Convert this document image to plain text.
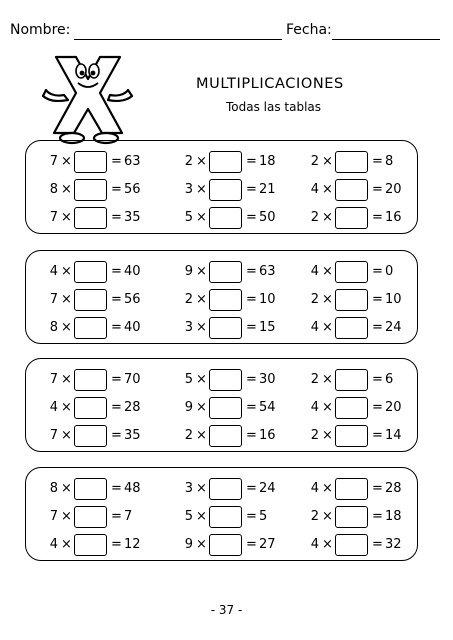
Nombre:	Fecha:
MULTIPLICACIONES
Todas las tablas
7 ×	= 63	2 ×	= 18	2 ×	= 8
8 ×	= 56	3 ×	= 21	4 ×	= 20
7 ×	= 35	5 ×	= 50	2 ×	= 16
4 ×	= 40	9 ×	= 63	4 ×	= 0
7 ×	= 56	2 ×	= 10	2 ×	= 10
8 ×	= 40	3 ×	= 15	4 ×	= 24
7 ×	= 70	5 ×	= 30	2 ×	= 6
4 ×	= 28	9 ×	= 54	4 ×	= 20
7 ×	= 35	2 ×	= 16	2 ×	= 14
8 ×	= 48	3 ×	= 24	4 ×	= 28
7 ×	= 7	5 ×	= 5	2 ×	= 18
4 ×	= 12	9 ×	= 27	4 ×	= 32
- 37 -
